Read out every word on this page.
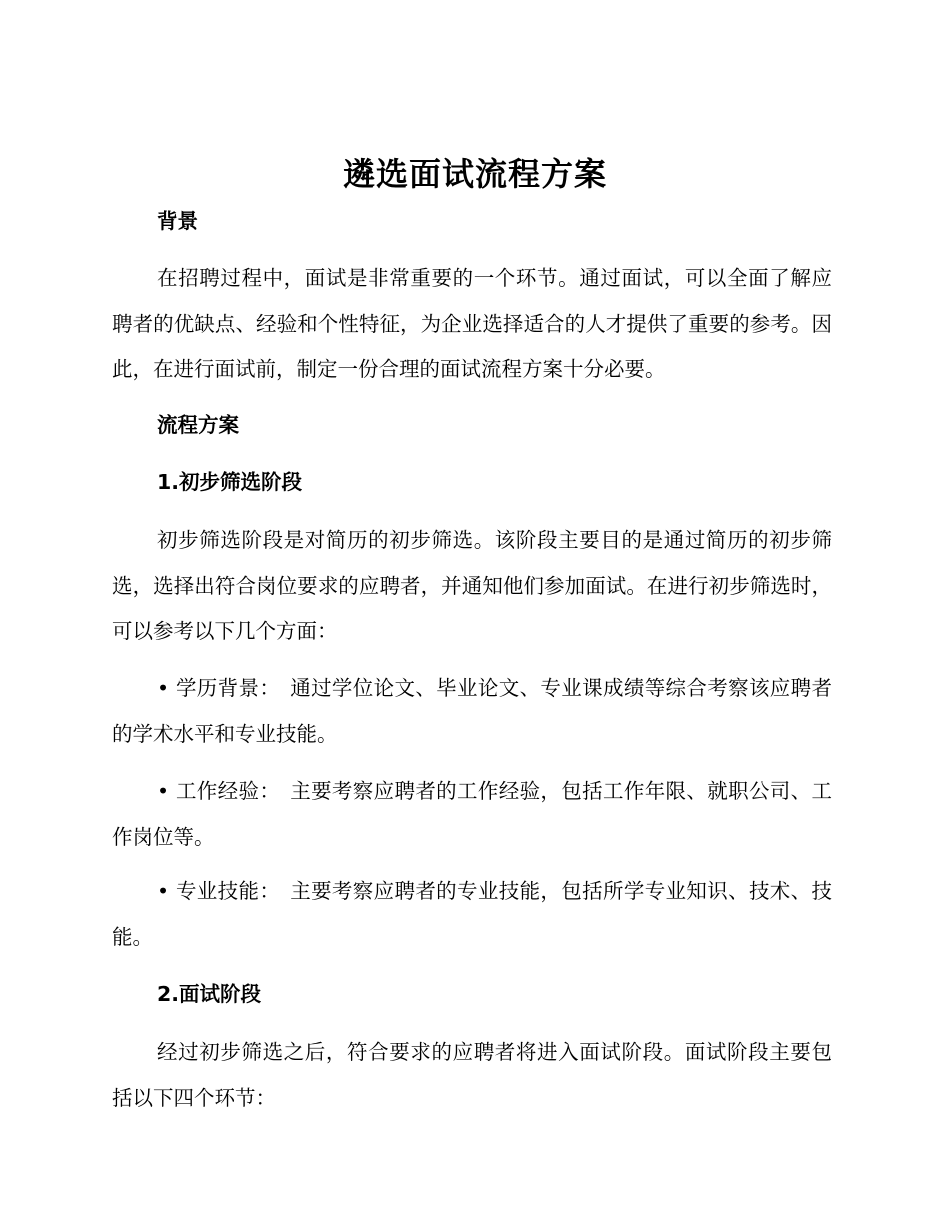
遴选面试流程方案

背景

在招聘过程中，面试是非常重要的一个环节。通过面试，可以全面了解应聘者的优缺点、经验和个性特征，为企业选择适合的人才提供了重要的参考。因此，在进行面试前，制定一份合理的面试流程方案十分必要。

流程方案

1.初步筛选阶段

初步筛选阶段是对简历的初步筛选。该阶段主要目的是通过简历的初步筛选，选择出符合岗位要求的应聘者，并通知他们参加面试。在进行初步筛选时，可以参考以下几个方面：

• 学历背景： 通过学位论文、毕业论文、专业课成绩等综合考察该应聘者的学术水平和专业技能。

• 工作经验： 主要考察应聘者的工作经验，包括工作年限、就职公司、工作岗位等。

• 专业技能： 主要考察应聘者的专业技能，包括所学专业知识、技术、技能。

2.面试阶段

经过初步筛选之后，符合要求的应聘者将进入面试阶段。面试阶段主要包括以下四个环节：
